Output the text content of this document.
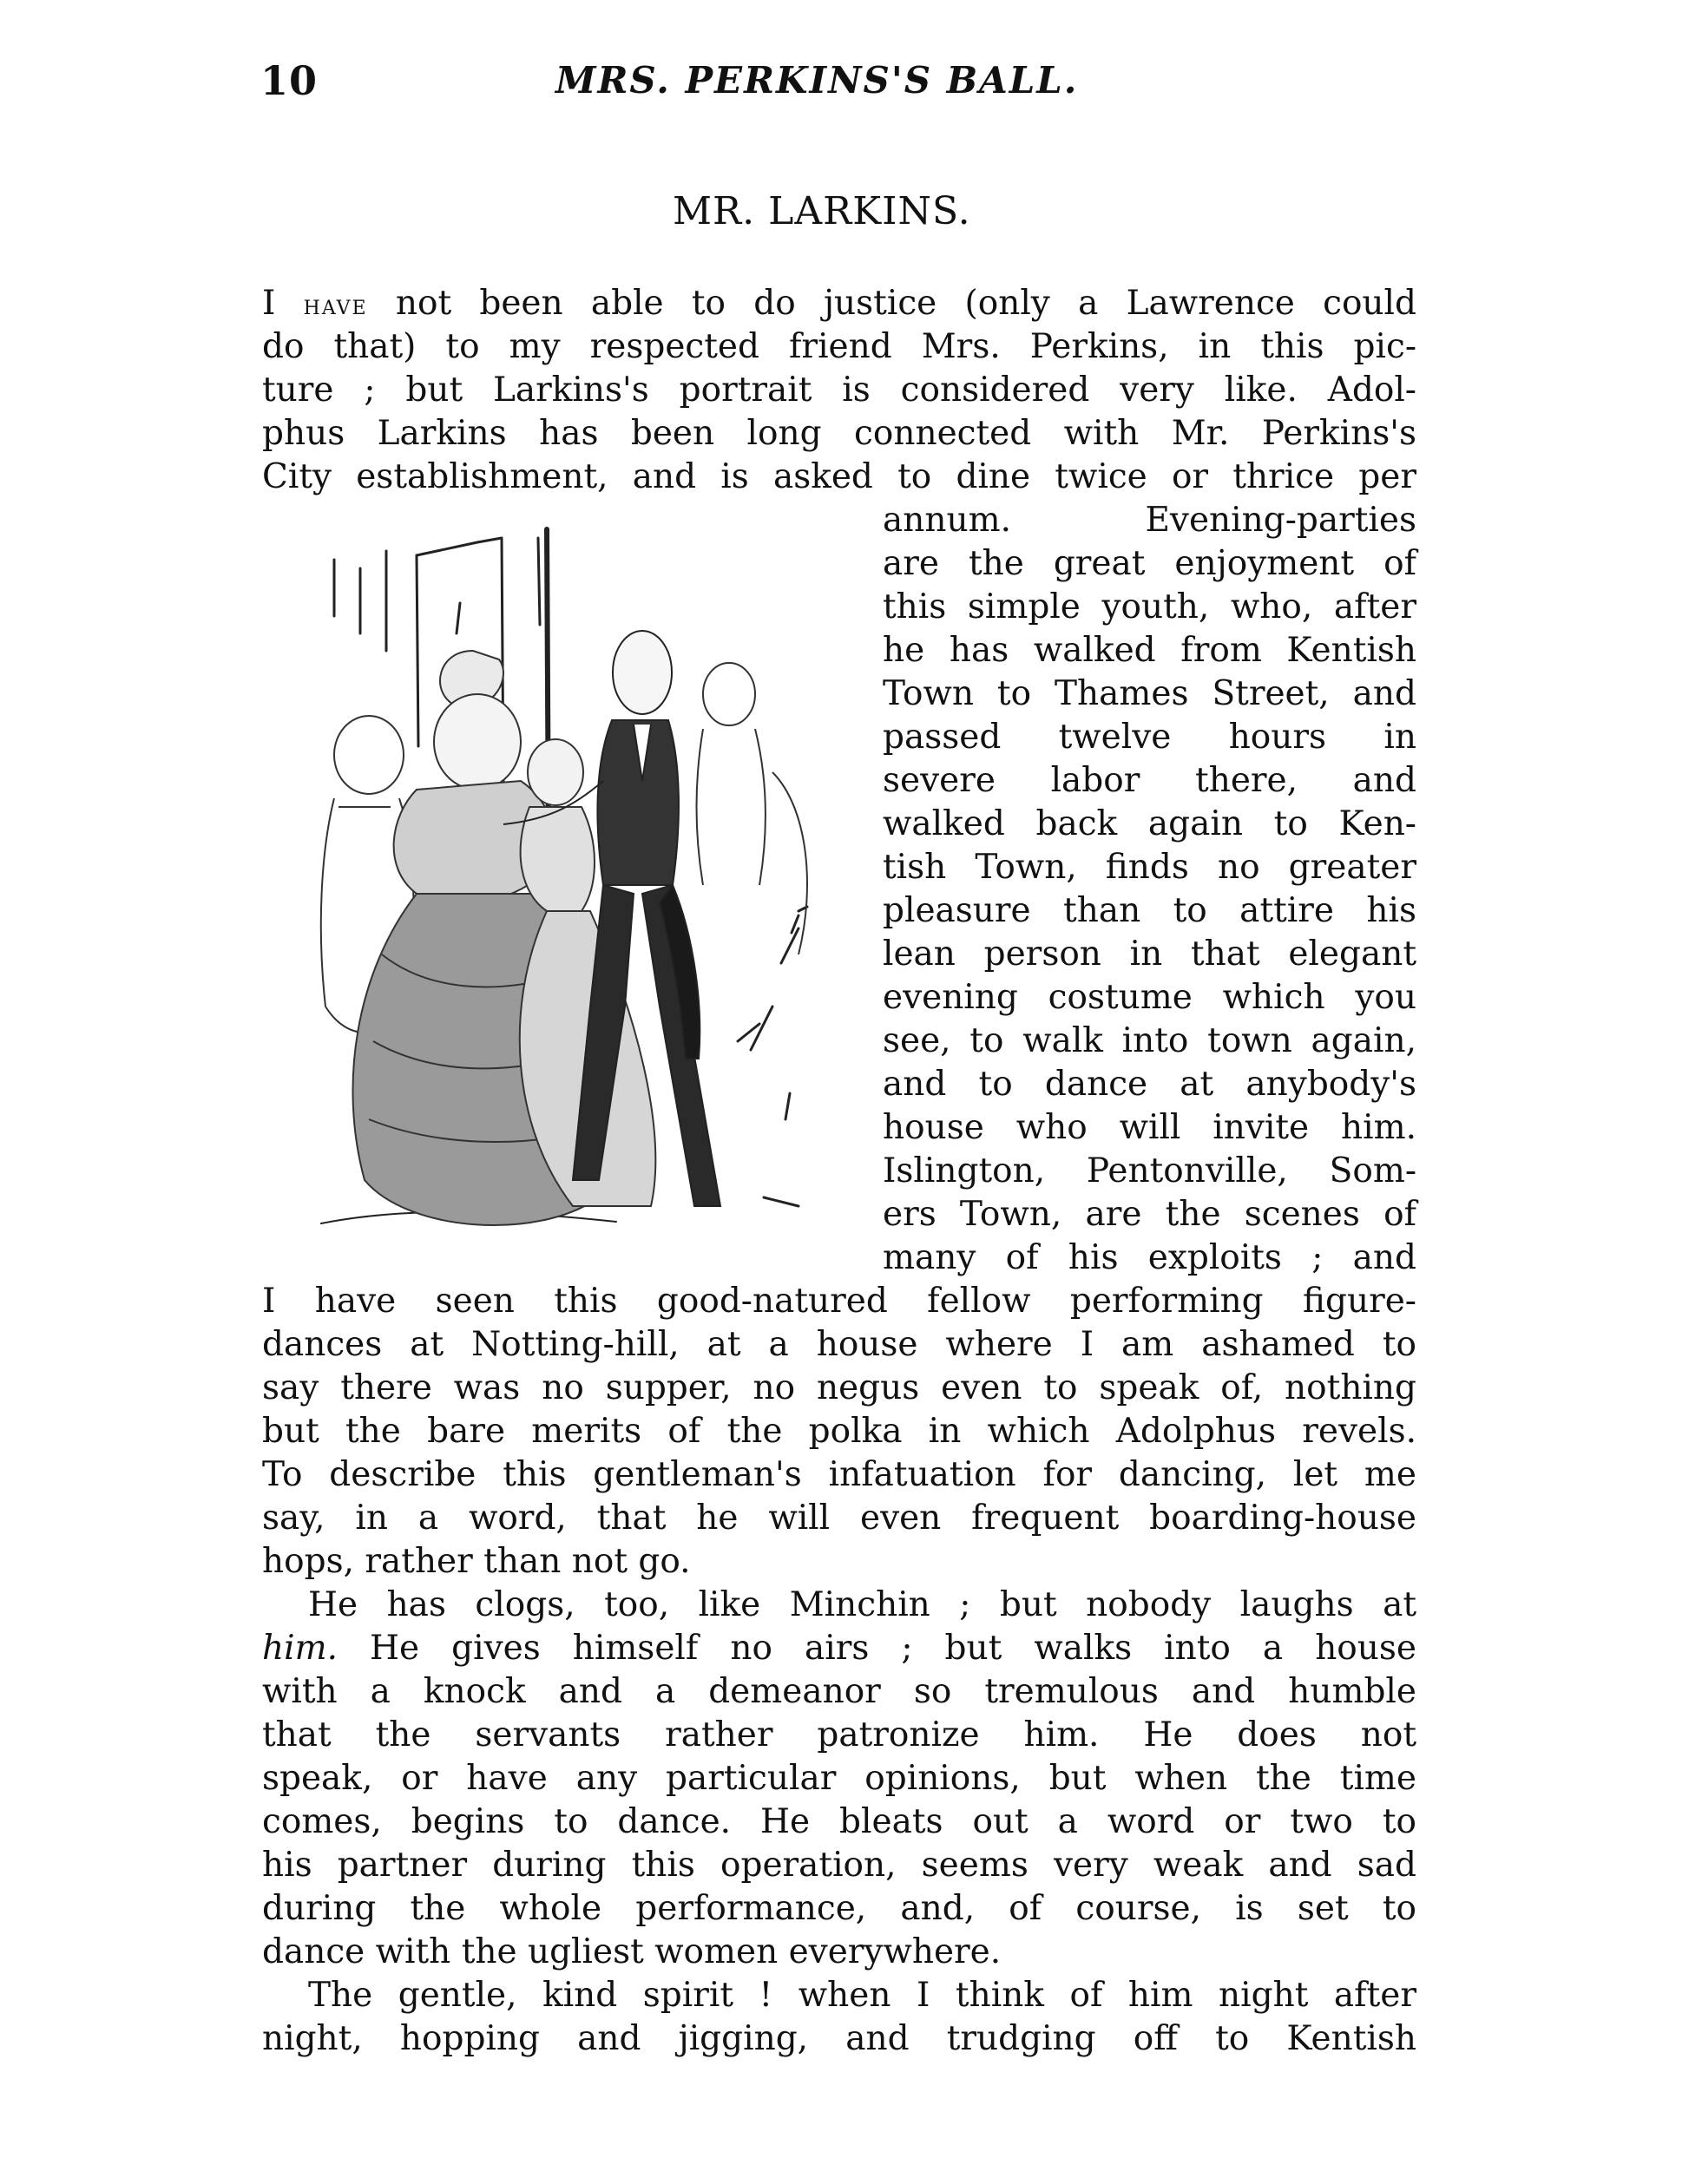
10	MRS. PERKINS'S BALL.
MR. LARKINS.
I have not been able to do justice (only a Lawrence could
do that) to my respected friend Mrs. Perkins, in this pic-
ture ; but Larkins's portrait is considered very like. Adol-
phus Larkins has been long connected with Mr. Perkins's
City establishment, and is asked to dine twice or thrice per
annum. Evening-parties
are the great enjoyment of
this simple youth, who, after
he has walked from Kentish
Town to Thames Street, and
passed twelve hours in
severe labor there, and
walked back again to Ken-
tish Town, finds no greater
pleasure than to attire his
lean person in that elegant
evening costume which you
see, to walk into town again,
and to dance at anybody's
house who will invite him.
Islington, Pentonville, Som-
ers Town, are the scenes of
many of his exploits ; and
I have seen this good-natured fellow performing figure-
dances at Notting-hill, at a house where I am ashamed to
say there was no supper, no negus even to speak of, nothing
but the bare merits of the polka in which Adolphus revels.
To describe this gentleman's infatuation for dancing, let me
say, in a word, that he will even frequent boarding-house
hops, rather than not go.
He has clogs, too, like Minchin ; but nobody laughs at
him. He gives himself no airs ; but walks into a house
with a knock and a demeanor so tremulous and humble
that the servants rather patronize him. He does not
speak, or have any particular opinions, but when the time
comes, begins to dance. He bleats out a word or two to
his partner during this operation, seems very weak and sad
during the whole performance, and, of course, is set to
dance with the ugliest women everywhere.
The gentle, kind spirit ! when I think of him night after
night, hopping and jigging, and trudging off to Kentish
